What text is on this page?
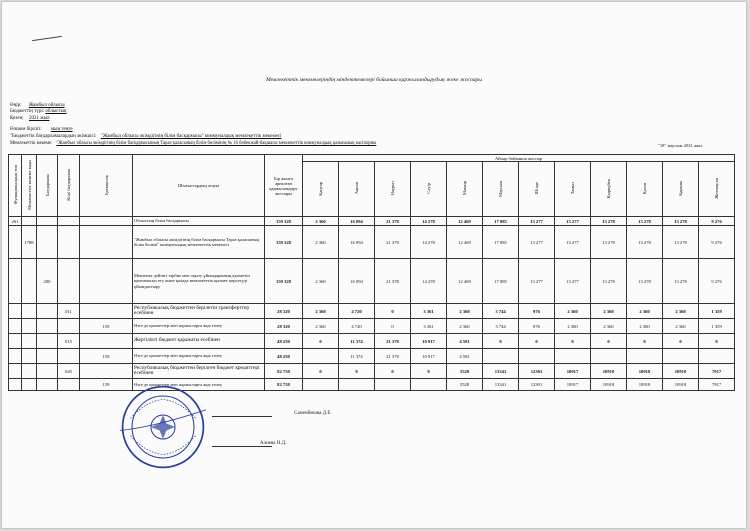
Мемлекеттік мекемелеріндің міндеттемелері бойынша қаржыландырудың жеке жоспары
Өңір: Жамбыл облысы
Бюджеттің түрі: облыстық
Кезең: 2021 жыл
Өлшем бірлігі: мың теңге
"Бюджеттік бағдарламалардың әкімшісі: "Жамбыл облысы әкімдігінің білім басқармасы" коммуналдық мемлекеттік мекемесі
Мемлекеттік мекеме: "Жамбыл облысы әкімдігінің білім басқармасының Тараз қаласының білім бөлімінің № 16 бөбекжай-бақшасы мемлекеттік коммуналдық қазыналық кәсіпорны	"18" маусым 2021 жыл
Функционалдық топ	Мемлекеттік мекеме коды	Бағдарлама	Кіші бағдарлама	Ерекшелік	Шығыстардың атауы	Бір жылға арналған қаржыландыру жоспары	Айлар бойынша жоспар											
							Қаңтар	Ақпан	Наурыз	Сәуір	Мамыр	Маусым	Шілде	Тамыз	Қыркүйек	Қазан	Қараша	Желтоқсан
261					Облыстың білім басқармасы	159 328	2 360	16 094	21 378	14 278	12 469	17 085	13 277	13 277	13 278	13 278	13 278	9 276
	1788				"Жамбыл облысы әкімдігінің білім басқармасы Тараз қаласының білім бөлімі" коммуналдық мемлекеттік мекемесі	159 328	2 360	16 094	21 378	14 278	12 469	17 085	13 277	13 277	13 278	13 278	13 278	9 276
		200			Мектепке дейінгі тәрбие мен оқыту ұйымдарының қызметін қамтамасыз ету және қалада мемлекеттік қызмет көрсетуді ұйымдастыру	159 328	2 360	16 094	21 378	14 278	12 469	17 085	13 277	13 277	13 278	13 278	13 278	9 276
			011		Республикалық бюджеттен берілетін трансферттер есебінен	28 320	2 360	4 720	0	3 361	2 360	3 744	976	2 360	2 360	2 360	2 360	1 359
				159	Өзге де қызметтер мен жұмыстарға ақы төлеу	28 320	2 360	4 720	0	3 361	2 360	3 744	976	2 360	2 360	2 360	2 360	1 359
			015		Жергілікті бюджет қаражаты есебінен	48 250	0	11 374	21 378	10 917	4 581	0	0	0	0	0	0	0
				159	Өзге де қызметтер мен жұмыстарға ақы төлеу	48 250		11 374	21 378	10 917	4 581							
			045		Республикалық бюджеттен берілген бюджет кредиттері есебінен	82 758	0	0	0	0	5528	13341	12301	10917	10918	10918	10918	7917
				159	Өзге де қызметтер мен жұмыстарға ақы төлеу	82 758					5528	13341	12301	10917	10918	10918	10918	7917
Саменбекова Д.Е.
Алиева Н.Д.
